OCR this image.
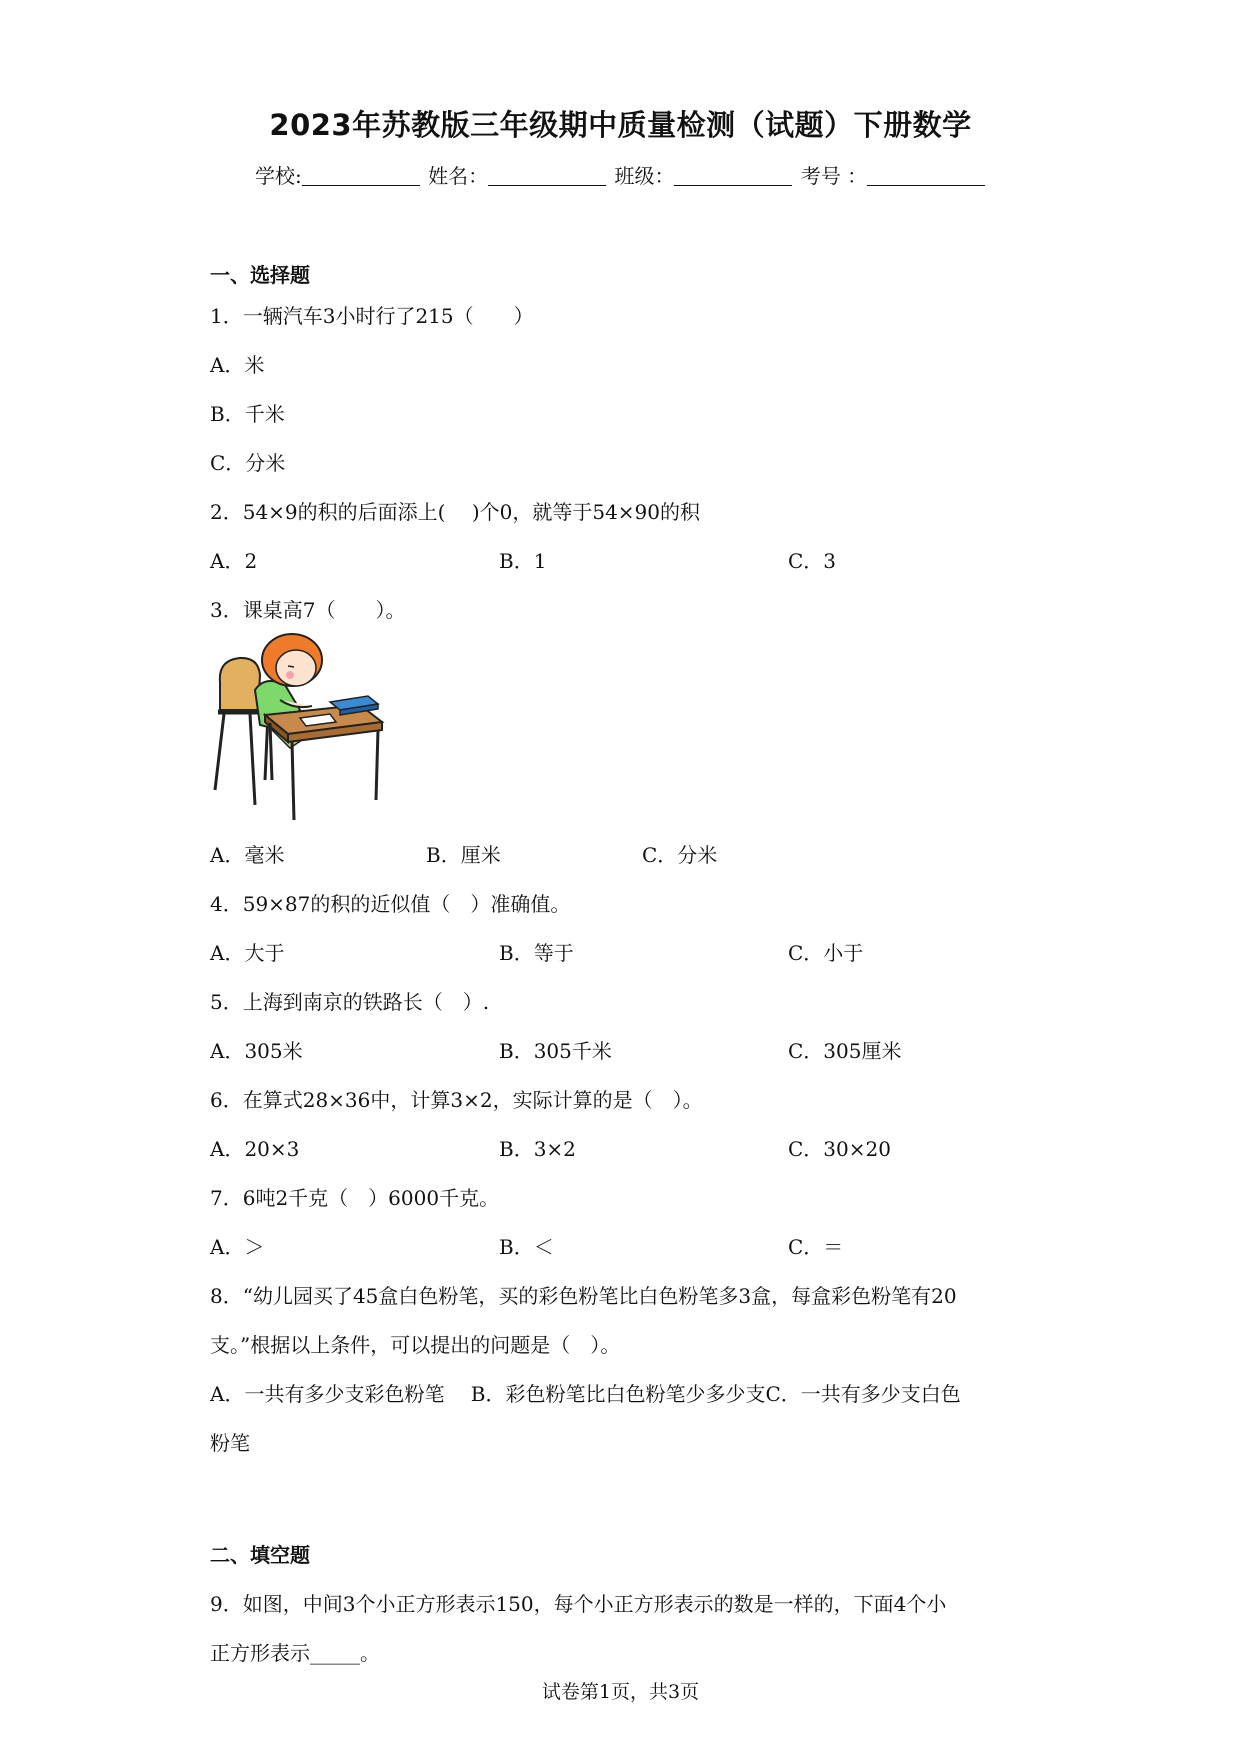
2023年苏教版三年级期中质量检测（试题）下册数学
学校:	姓名：	班级：	考号 ：
一、选择题
1．一辆汽车3小时行了215（　　）
A．米
B．千米
C．分米
2．54×9的积的后面添上(　 )个0，就等于54×90的积
A．2	B．1	C．3
3．课桌高7（　　）。
A．毫米	B．厘米	C．分米
4．59×87的积的近似值（　）准确值。
A．大于	B．等于	C．小于
5．上海到南京的铁路长（　）.
A．305米	B．305千米	C．305厘米
6．在算式28×36中，计算3×2，实际计算的是（　）。
A．20×3	B．3×2	C．30×20
7．6吨2千克（　）6000千克。
A．＞	B．＜	C．＝
8．“幼儿园买了45盒白色粉笔，买的彩色粉笔比白色粉笔多3盒，每盒彩色粉笔有20
支。”根据以上条件，可以提出的问题是（　）。
A．一共有多少支彩色粉笔　 B．彩色粉笔比白色粉笔少多少支C．一共有多少支白色
粉笔
二、填空题
9．如图，中间3个小正方形表示150，每个小正方形表示的数是一样的，下面4个小
正方形表示_____。
试卷第1页，共3页
